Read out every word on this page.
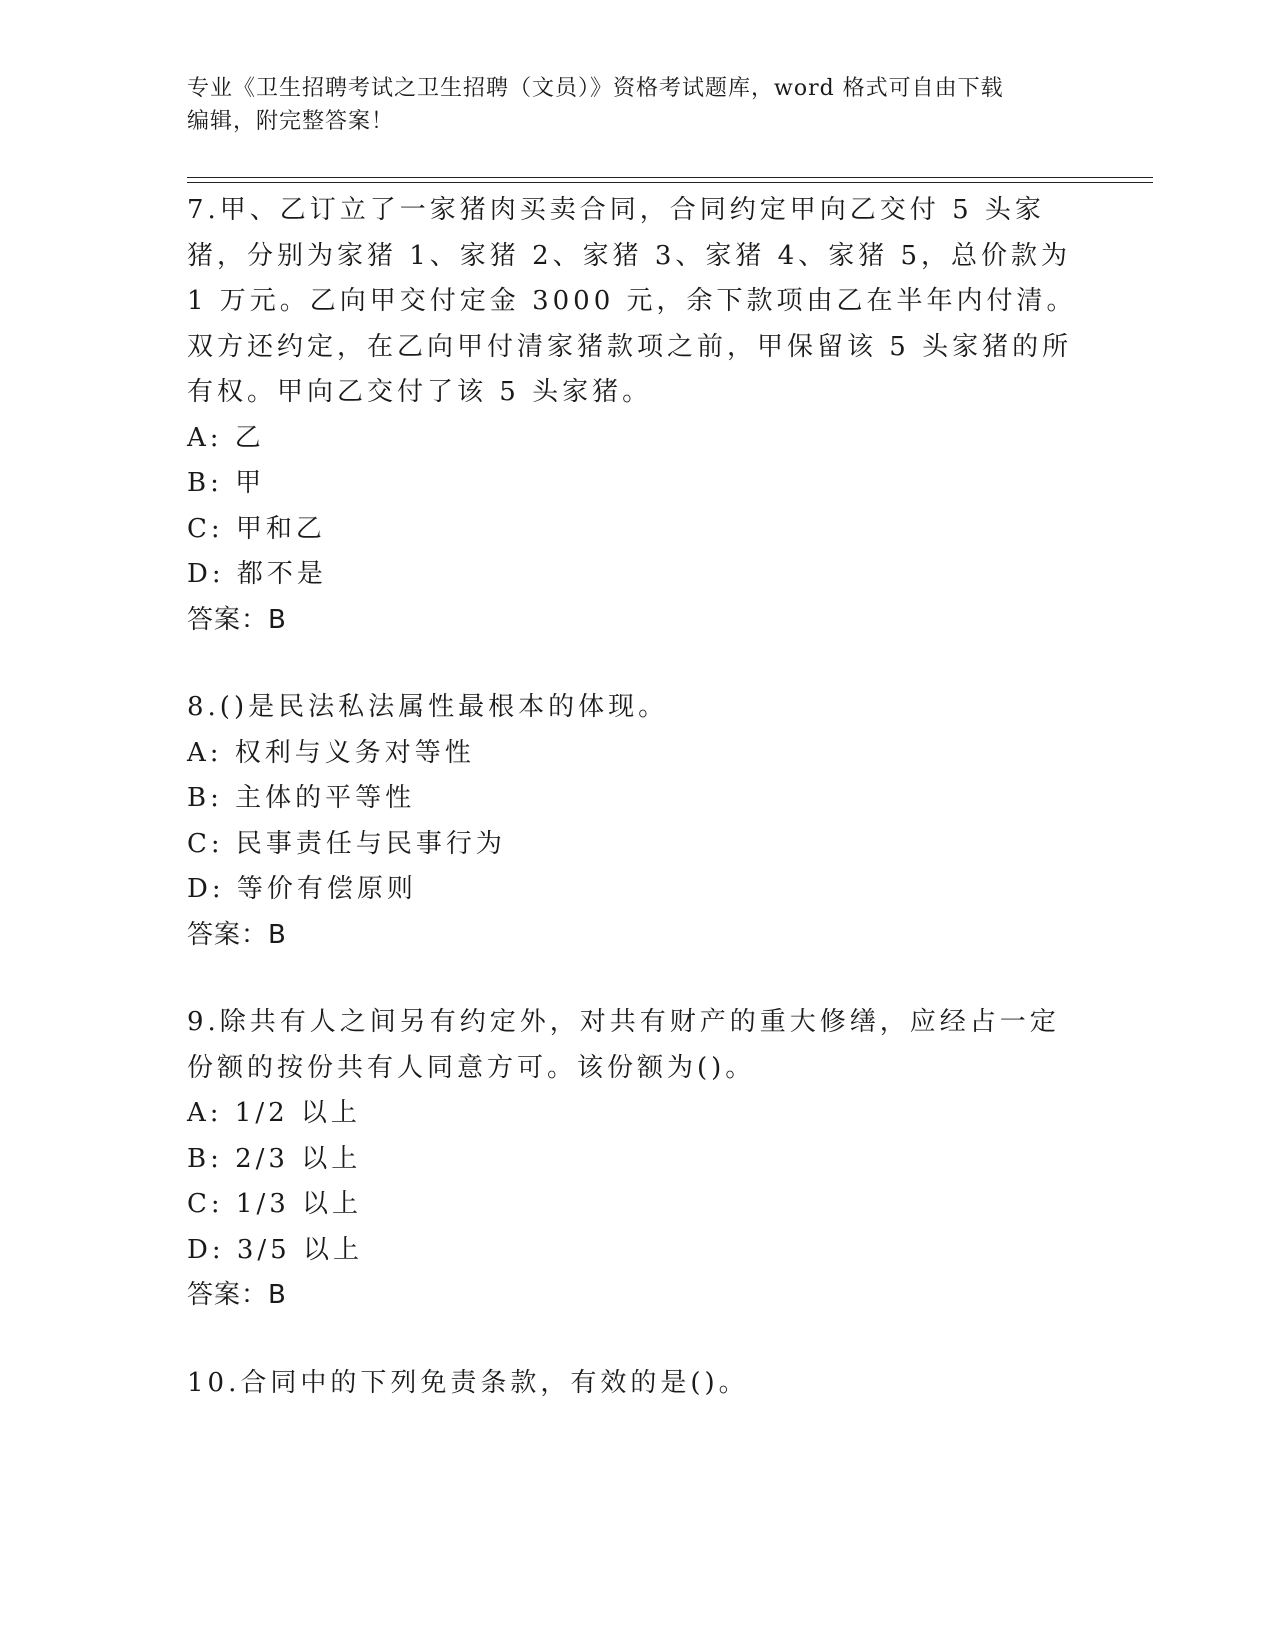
专业《卫生招聘考试之卫生招聘（文员）》资格考试题库，word 格式可自由下载
编辑，附完整答案！

7.甲、乙订立了一家猪肉买卖合同，合同约定甲向乙交付 5 头家猪，分别为家猪 1、家猪 2、家猪 3、家猪 4、家猪 5，总价款为 1 万元。乙向甲交付定金 3000 元，余下款项由乙在半年内付清。双方还约定，在乙向甲付清家猪款项之前，甲保留该 5 头家猪的所有权。甲向乙交付了该 5 头家猪。

A: 乙

B: 甲

C: 甲和乙

D: 都不是

答案：B

8.()是民法私法属性最根本的体现。

A: 权利与义务对等性

B: 主体的平等性

C: 民事责任与民事行为

D: 等价有偿原则

答案：B

9.除共有人之间另有约定外，对共有财产的重大修缮，应经占一定份额的按份共有人同意方可。该份额为()。

A: 1/2 以上

B: 2/3 以上

C: 1/3 以上

D: 3/5 以上

答案：B

10.合同中的下列免责条款，有效的是()。
